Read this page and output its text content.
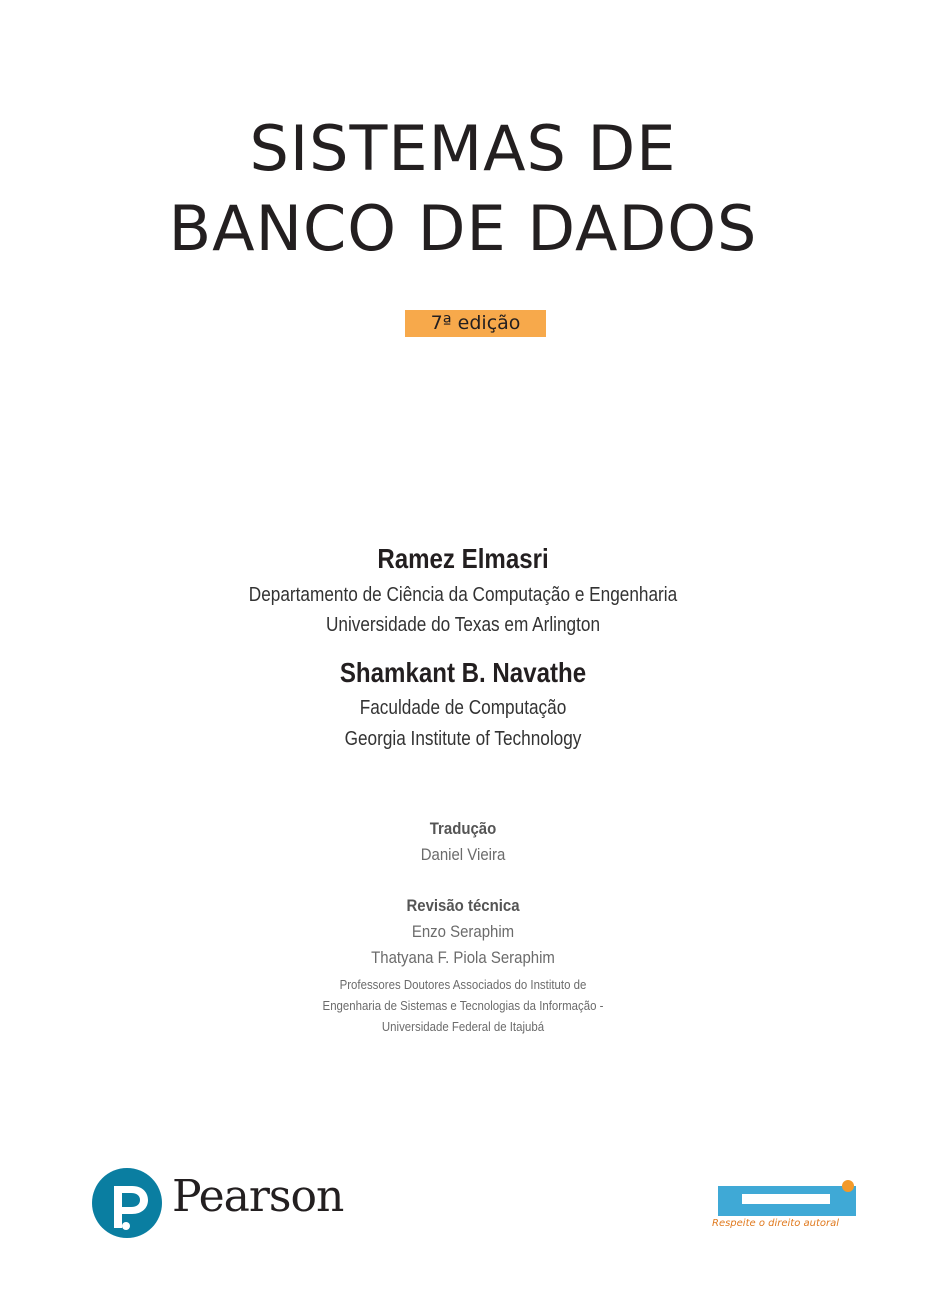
SISTEMAS DE
BANCO DE DADOS
7ª edição
Ramez Elmasri
Departamento de Ciência da Computação e Engenharia
Universidade do Texas em Arlington
Shamkant B. Navathe
Faculdade de Computação
Georgia Institute of Technology
Tradução
Daniel Vieira
Revisão técnica
Enzo Seraphim
Thatyana F. Piola Seraphim
Professores Doutores Associados do Instituto de
Engenharia de Sistemas e Tecnologias da Informação -
Universidade Federal de Itajubá
Pearson
Respeite o direito autoral
